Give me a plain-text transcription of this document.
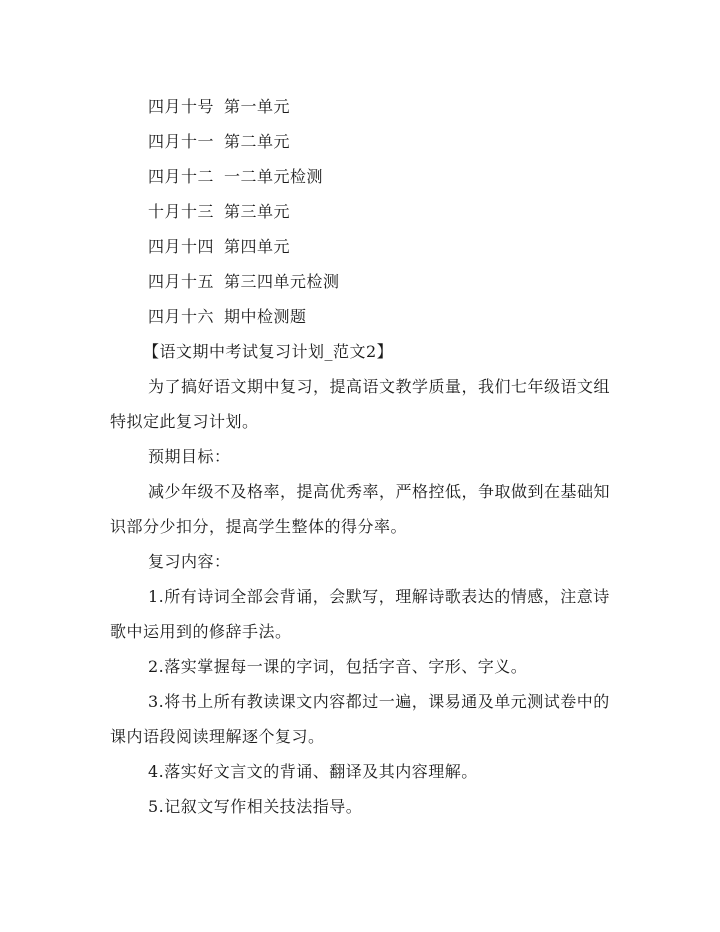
四月十号 第一单元
四月十一 第二单元
四月十二 一二单元检测
十月十三 第三单元
四月十四 第四单元
四月十五 第三四单元检测
四月十六 期中检测题
【语文期中考试复习计划_范文2】
为了搞好语文期中复习，提高语文教学质量，我们七年级语文组
特拟定此复习计划。
预期目标：
减少年级不及格率，提高优秀率，严格控低，争取做到在基础知
识部分少扣分，提高学生整体的得分率。
复习内容：
1.所有诗词全部会背诵，会默写，理解诗歌表达的情感，注意诗
歌中运用到的修辞手法。
2.落实掌握每一课的字词，包括字音、字形、字义。
3.将书上所有教读课文内容都过一遍，课易通及单元测试卷中的
课内语段阅读理解逐个复习。
4.落实好文言文的背诵、翻译及其内容理解。
5.记叙文写作相关技法指导。
